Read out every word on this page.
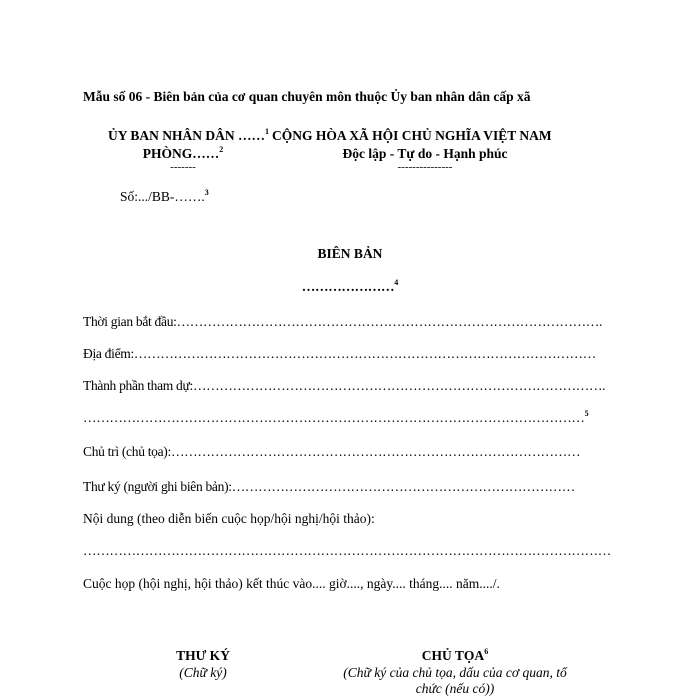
Mẫu số 06 - Biên bản của cơ quan chuyên môn thuộc Ủy ban nhân dân cấp xã
ỦY BAN NHÂN DÂN ……$^1$
PHÒNG……$^2$
-------
Số:.../BB-…….$^3$
CỘNG HÒA XÃ HỘI CHỦ NGHĨA VIỆT NAM
Độc lập - Tự do - Hạnh phúc
---------------
BIÊN BẢN
…………………$^4$
Thời gian bắt đầu:…………………………………………………………………………………….
Địa điểm:……………………………………………………………………………………………
Thành phần tham dự:………………………………………………………………………………….
……………………………………………………………………………………………………$^5$
Chủ trì (chủ tọa):…………………………………………………………………………………
Thư ký (người ghi biên bản):……………………………………………………………………
Nội dung (theo diễn biến cuộc họp/hội nghị/hội thảo):
…………………………………………………………………………………………………………
Cuộc họp (hội nghị, hội thảo) kết thúc vào.... giờ...., ngày.... tháng.... năm..../.
THƯ KÝ
(Chữ ký)
CHỦ TỌA$^6$
(Chữ ký của chủ tọa, dấu của cơ quan, tổ
chức (nếu có))
